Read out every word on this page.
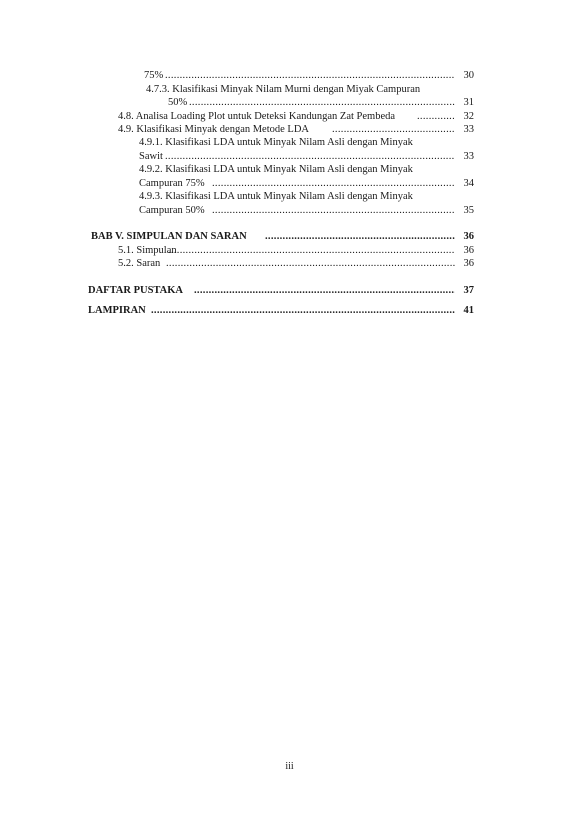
75% .....	30
4.7.3. Klasifikasi Minyak Nilam Murni dengan Miyak Campuran
50% .....	31
4.8. Analisa Loading Plot untuk Deteksi Kandungan Zat Pembeda .....	32
4.9. Klasifikasi Minyak dengan Metode LDA .....	33
4.9.1. Klasifikasi LDA untuk Minyak Nilam Asli dengan Minyak
Sawit .....	33
4.9.2. Klasifikasi LDA untuk Minyak Nilam Asli dengan Minyak
Campuran 75% .....	34
4.9.3. Klasifikasi LDA untuk Minyak Nilam Asli dengan Minyak
Campuran 50% .....	35
BAB V. SIMPULAN DAN SARAN .....	36
5.1. Simpulan .....	36
5.2. Saran .....	36
DAFTAR PUSTAKA .....	37
LAMPIRAN .....	41
iii
